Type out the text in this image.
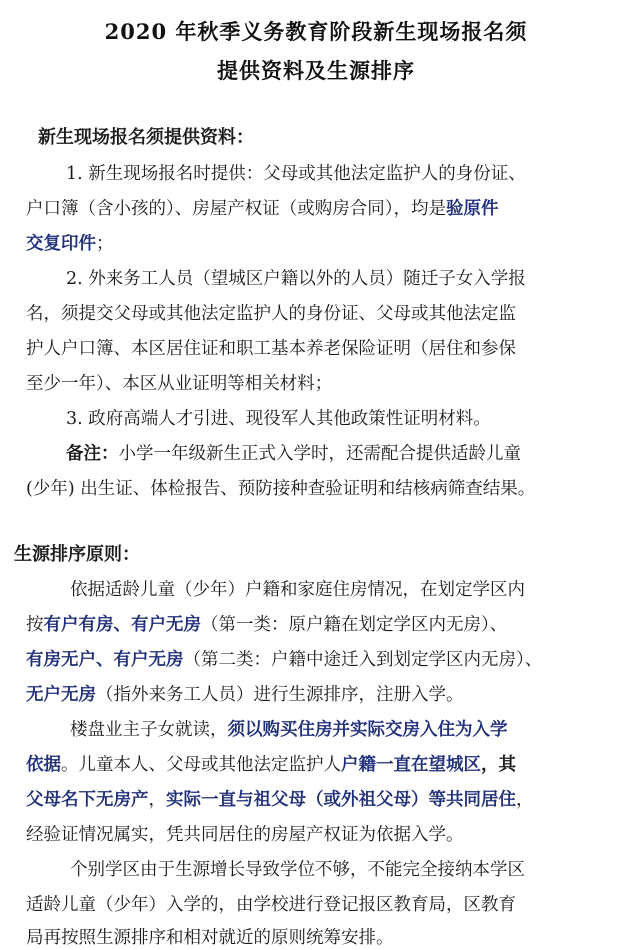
2020 年秋季义务教育阶段新生现场报名须
提供资料及生源排序
新生现场报名须提供资料：
1. 新生现场报名时提供：父母或其他法定监护人的身份证、
户口簿（含小孩的）、房屋产权证（或购房合同），均是验原件
交复印件；
2. 外来务工人员（望城区户籍以外的人员）随迁子女入学报
名，须提交父母或其他法定监护人的身份证、父母或其他法定监
护人户口簿、本区居住证和职工基本养老保险证明（居住和参保
至少一年）、本区从业证明等相关材料；
3. 政府高端人才引进、现役军人其他政策性证明材料。
备注：小学一年级新生正式入学时，还需配合提供适龄儿童
(少年) 出生证、体检报告、预防接种查验证明和结核病筛查结果。
生源排序原则：
依据适龄儿童（少年）户籍和家庭住房情况，在划定学区内
按有户有房、有户无房（第一类：原户籍在划定学区内无房）、
有房无户、有户无房（第二类：户籍中途迁入到划定学区内无房）、
无户无房（指外来务工人员）进行生源排序，注册入学。
楼盘业主子女就读，须以购买住房并实际交房入住为入学
依据。儿童本人、父母或其他法定监护人户籍一直在望城区，其
父母名下无房产，实际一直与祖父母（或外祖父母）等共同居住，
经验证情况属实，凭共同居住的房屋产权证为依据入学。
个别学区由于生源增长导致学位不够，不能完全接纳本学区
适龄儿童（少年）入学的，由学校进行登记报区教育局，区教育
局再按照生源排序和相对就近的原则统筹安排。
